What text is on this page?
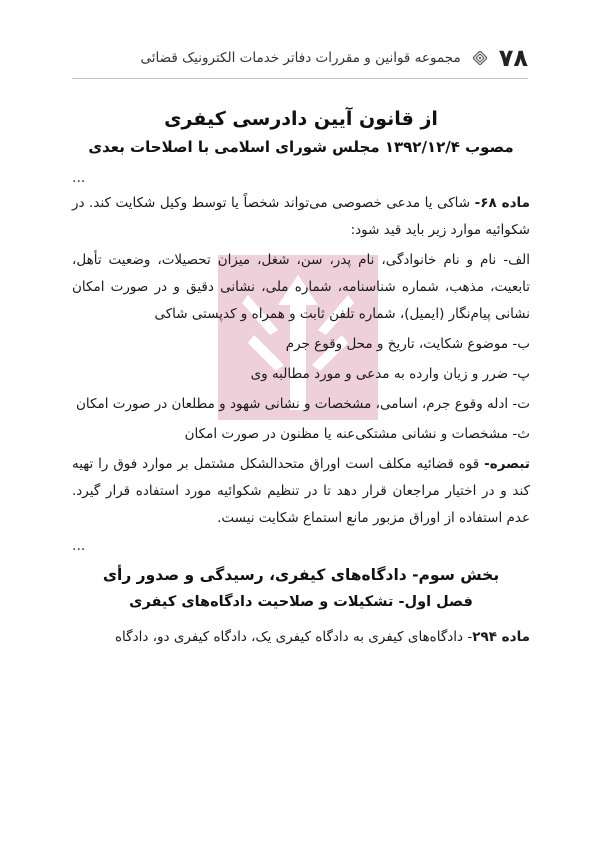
۷۸
مجموعه قوانین و مقررات دفاتر خدمات الکترونیک قضائی
از قانون آیین دادرسی کیفری
مصوب ۱۳۹۲/۱۲/۴ مجلس شورای اسلامی با اصلاحات بعدی
...

ماده ۶۸- شاکی یا مدعی خصوصی می‌تواند شخصاً یا توسط وکیل شکایت کند. در شکوائیه موارد زیر باید قید شود:

الف- نام و نام خانوادگی، نام پدر، سن، شغل، میزان تحصیلات، وضعیت تأهل، تابعیت، مذهب، شماره شناسنامه، شماره ملی، نشانی دقیق و در صورت امکان نشانی پیام‌نگار (ایمیل)، شماره تلفن ثابت و همراه و کدپستی شاکی

ب- موضوع شکایت، تاریخ و محل وقوع جرم

پ- ضرر و زیان وارده به مدعی و مورد مطالبه وی

ت- ادله وقوع جرم، اسامی، مشخصات و نشانی شهود و مطلعان در صورت امکان

ث- مشخصات و نشانی مشتکی‌عنه یا مظنون در صورت امکان

تبصره- قوه قضائیه مکلف است اوراق متحدالشکل مشتمل بر موارد فوق را تهیه کند و در اختیار مراجعان قرار دهد تا در تنظیم شکوائیه مورد استفاده قرار گیرد. عدم استفاده از اوراق مزبور مانع استماع شکایت نیست.

...
بخش سوم- دادگاه‌های کیفری، رسیدگی و صدور رأی
فصل اول- تشکیلات و صلاحیت دادگاه‌های کیفری

ماده ۲۹۴- دادگاه‌های کیفری به دادگاه کیفری یک، دادگاه کیفری دو، دادگاه
